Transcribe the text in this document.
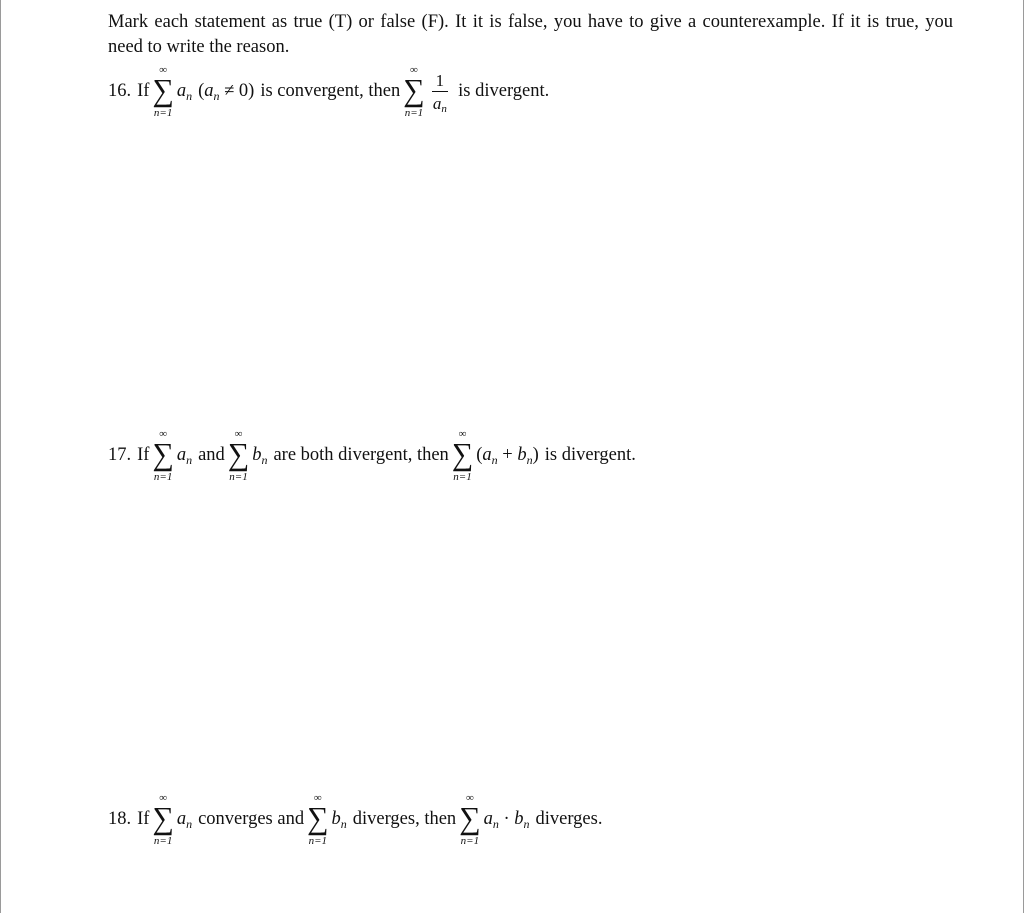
Mark each statement as true (T) or false (F). It it is false, you have to give a counterexample. If it is true, you need to write the reason.
16. If
∞
∑
n=1
$a_n$ $(a_n \ne 0)$ is convergent, then
∞
∑
n=1
$\frac{1}{a_n}$ is divergent.
17. If
∞
∑
n=1
$a_n$ and
∞
∑
n=1
$b_n$ are both divergent, then
∞
∑
n=1
$(a_n + b_n)$ is divergent.
18. If
∞
∑
n=1
$a_n$ converges and
∞
∑
n=1
$b_n$ diverges, then
∞
∑
n=1
$a_n \cdot b_n$ diverges.
